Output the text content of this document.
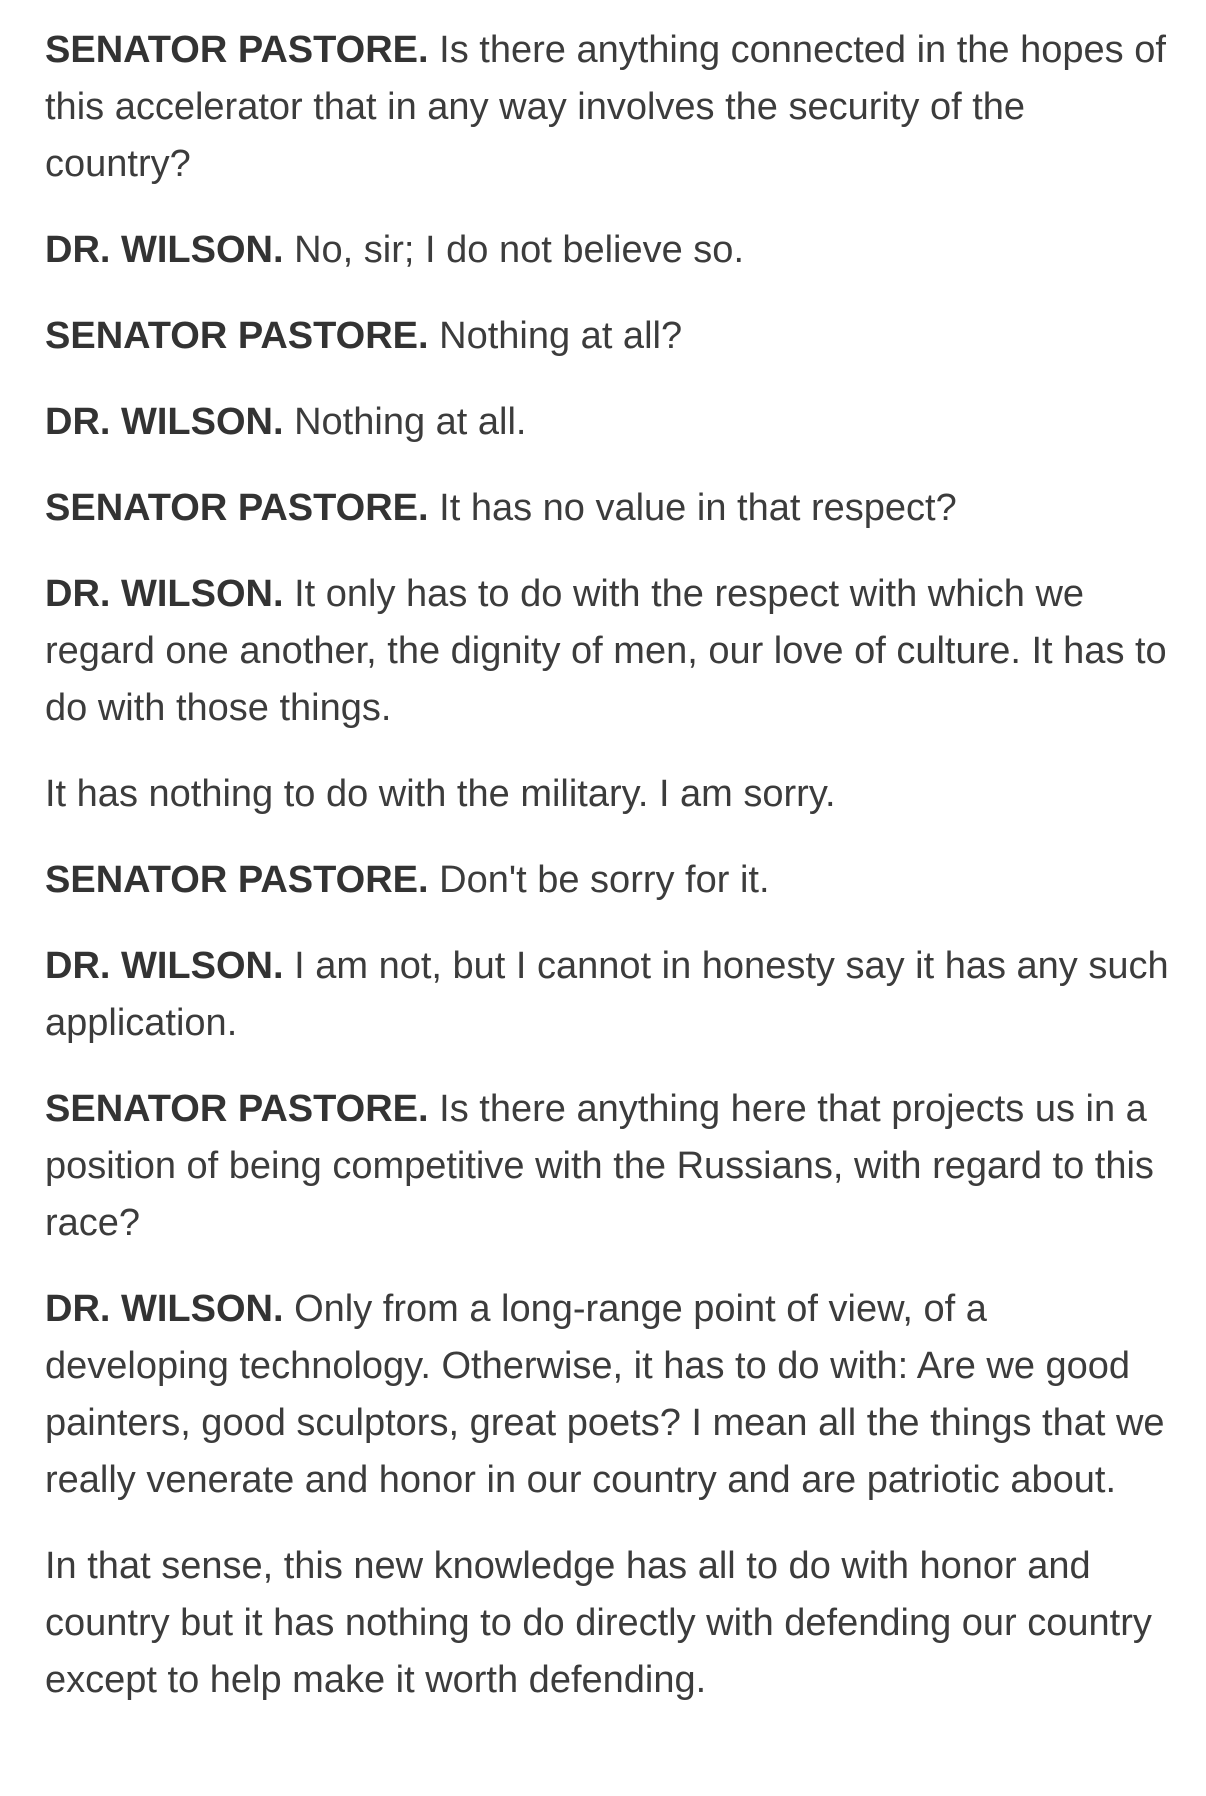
SENATOR PASTORE. Is there anything connected in the hopes of this accelerator that in any way involves the security of the country?

DR. WILSON. No, sir; I do not believe so.

SENATOR PASTORE. Nothing at all?

DR. WILSON. Nothing at all.

SENATOR PASTORE. It has no value in that respect?

DR. WILSON. It only has to do with the respect with which we regard one another, the dignity of men, our love of culture. It has to do with those things.

It has nothing to do with the military. I am sorry.

SENATOR PASTORE. Don't be sorry for it.

DR. WILSON. I am not, but I cannot in honesty say it has any such application.

SENATOR PASTORE. Is there anything here that projects us in a position of being competitive with the Russians, with regard to this race?

DR. WILSON. Only from a long-range point of view, of a developing technology. Otherwise, it has to do with: Are we good painters, good sculptors, great poets? I mean all the things that we really venerate and honor in our country and are patriotic about.

In that sense, this new knowledge has all to do with honor and country but it has nothing to do directly with defending our country except to help make it worth defending.
